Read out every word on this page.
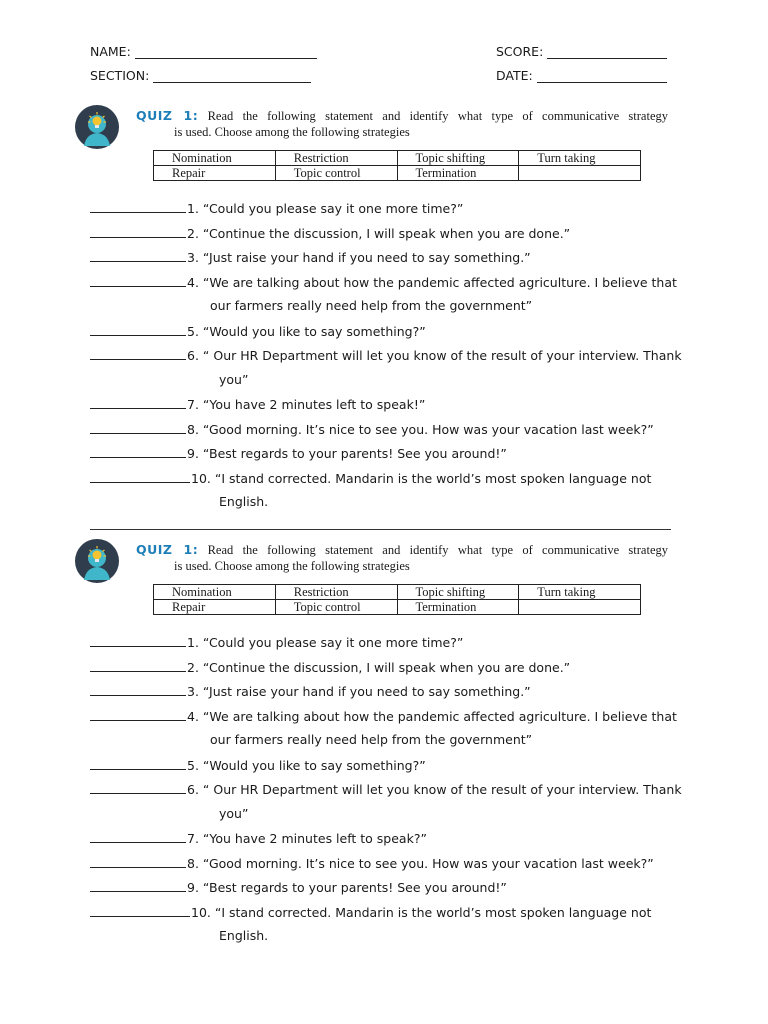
NAME:	SCORE:
SECTION:	DATE:
QUIZ 1: Read the following statement and identify what type of communicative strategy
is used. Choose among the following strategies
Nomination	Restriction	Topic shifting	Turn taking
Repair	Topic control	Termination	
1. “Could you please say it one more time?”
2. “Continue the discussion, I will speak when you are done.”
3. “Just raise your hand if you need to say something.”
4. “We are talking about how the pandemic affected agriculture. I believe that
our farmers really need help from the government”
5. “Would you like to say something?”
6. “ Our HR Department will let you know of the result of your interview. Thank
you”
7. “You have 2 minutes left to speak!”
8. “Good morning. It’s nice to see you. How was your vacation last week?”
9. “Best regards to your parents! See you around!”
10. “I stand corrected. Mandarin is the world’s most spoken language not
English.
QUIZ 1: Read the following statement and identify what type of communicative strategy
is used. Choose among the following strategies
Nomination	Restriction	Topic shifting	Turn taking
Repair	Topic control	Termination	
1. “Could you please say it one more time?”
2. “Continue the discussion, I will speak when you are done.”
3. “Just raise your hand if you need to say something.”
4. “We are talking about how the pandemic affected agriculture. I believe that
our farmers really need help from the government”
5. “Would you like to say something?”
6. “ Our HR Department will let you know of the result of your interview. Thank
you”
7. “You have 2 minutes left to speak?”
8. “Good morning. It’s nice to see you. How was your vacation last week?”
9. “Best regards to your parents! See you around!”
10. “I stand corrected. Mandarin is the world’s most spoken language not
English.
